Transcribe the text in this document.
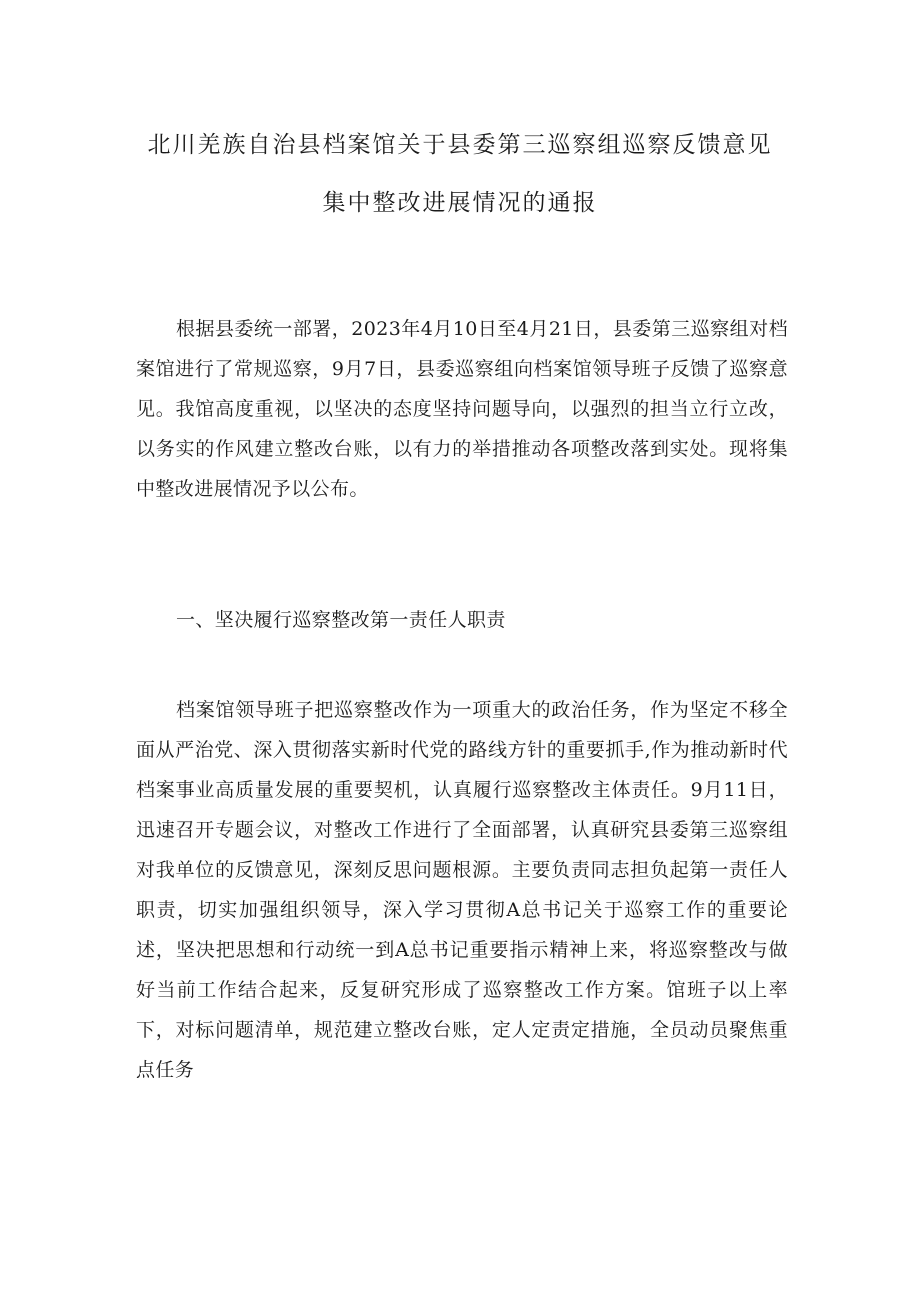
北川羌族自治县档案馆关于县委第三巡察组巡察反馈意见
集中整改进展情况的通报

根据县委统一部署，2023年4月10日至4月21日，县委第三巡察组对档案馆进行了常规巡察，9月7日，县委巡察组向档案馆领导班子反馈了巡察意见。我馆高度重视，以坚决的态度坚持问题导向，以强烈的担当立行立改，以务实的作风建立整改台账，以有力的举措推动各项整改落到实处。现将集中整改进展情况予以公布。

一、坚决履行巡察整改第一责任人职责

档案馆领导班子把巡察整改作为一项重大的政治任务，作为坚定不移全面从严治党、深入贯彻落实新时代党的路线方针的重要抓手,作为推动新时代档案事业高质量发展的重要契机，认真履行巡察整改主体责任。9月11日，迅速召开专题会议，对整改工作进行了全面部署，认真研究县委第三巡察组对我单位的反馈意见，深刻反思问题根源。主要负责同志担负起第一责任人职责，切实加强组织领导，深入学习贯彻A总书记关于巡察工作的重要论述，坚决把思想和行动统一到A总书记重要指示精神上来，将巡察整改与做好当前工作结合起来，反复研究形成了巡察整改工作方案。馆班子以上率下，对标问题清单，规范建立整改台账，定人定责定措施，全员动员聚焦重点任务
